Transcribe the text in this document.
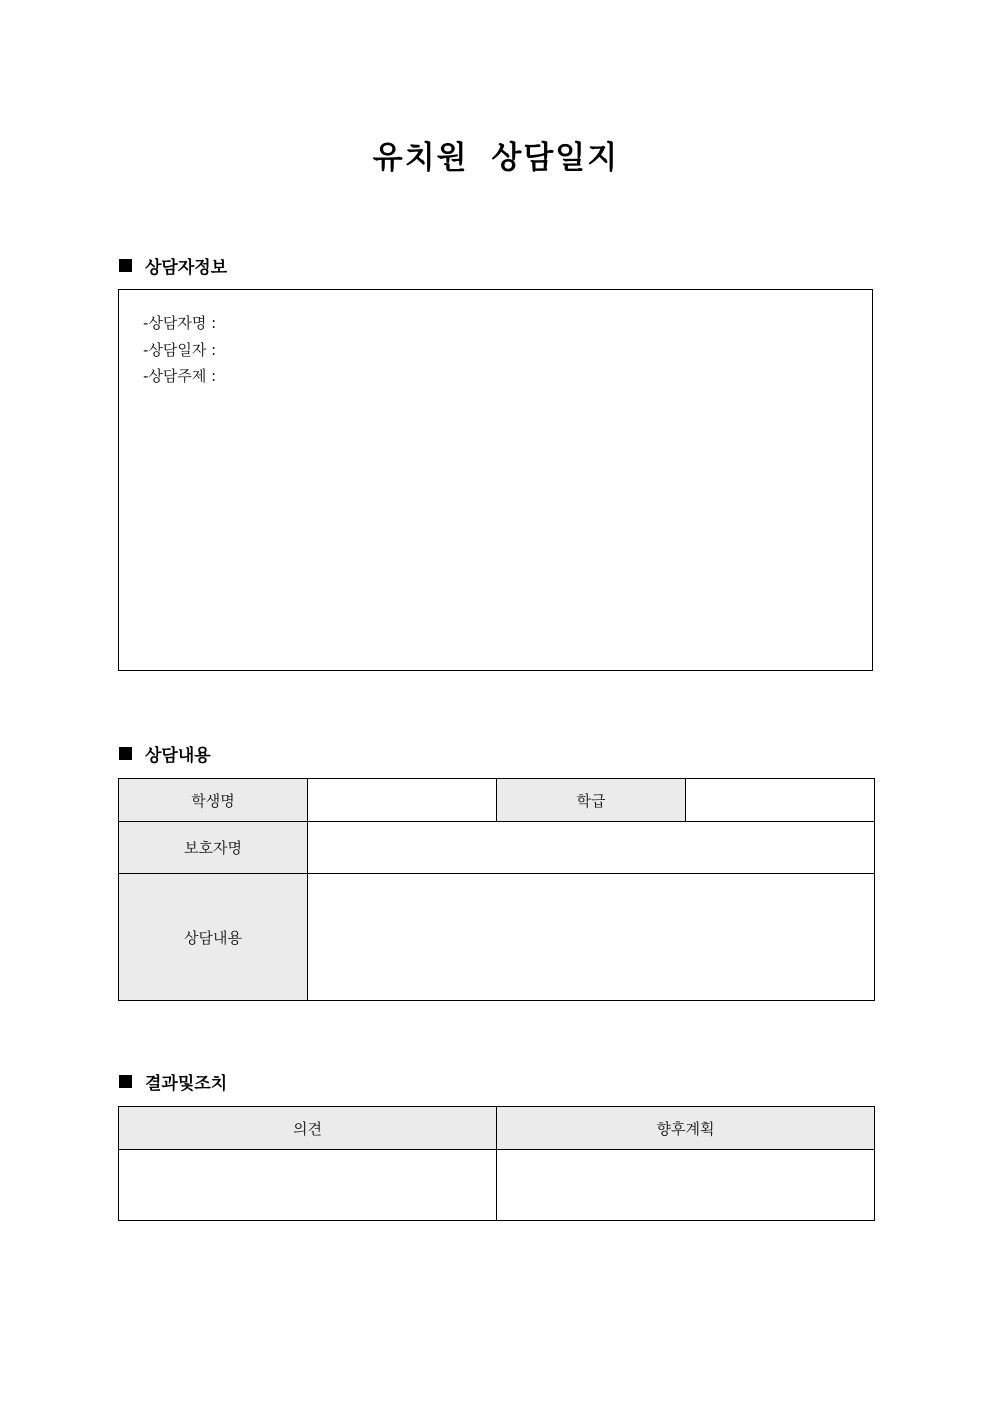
유치원 상담일지
상담자정보
-상담자명 :
-상담일자 :
-상담주제 :
상담내용
학생명		학급	
보호자명			
상담내용			
결과및조치
의견	향후계획
